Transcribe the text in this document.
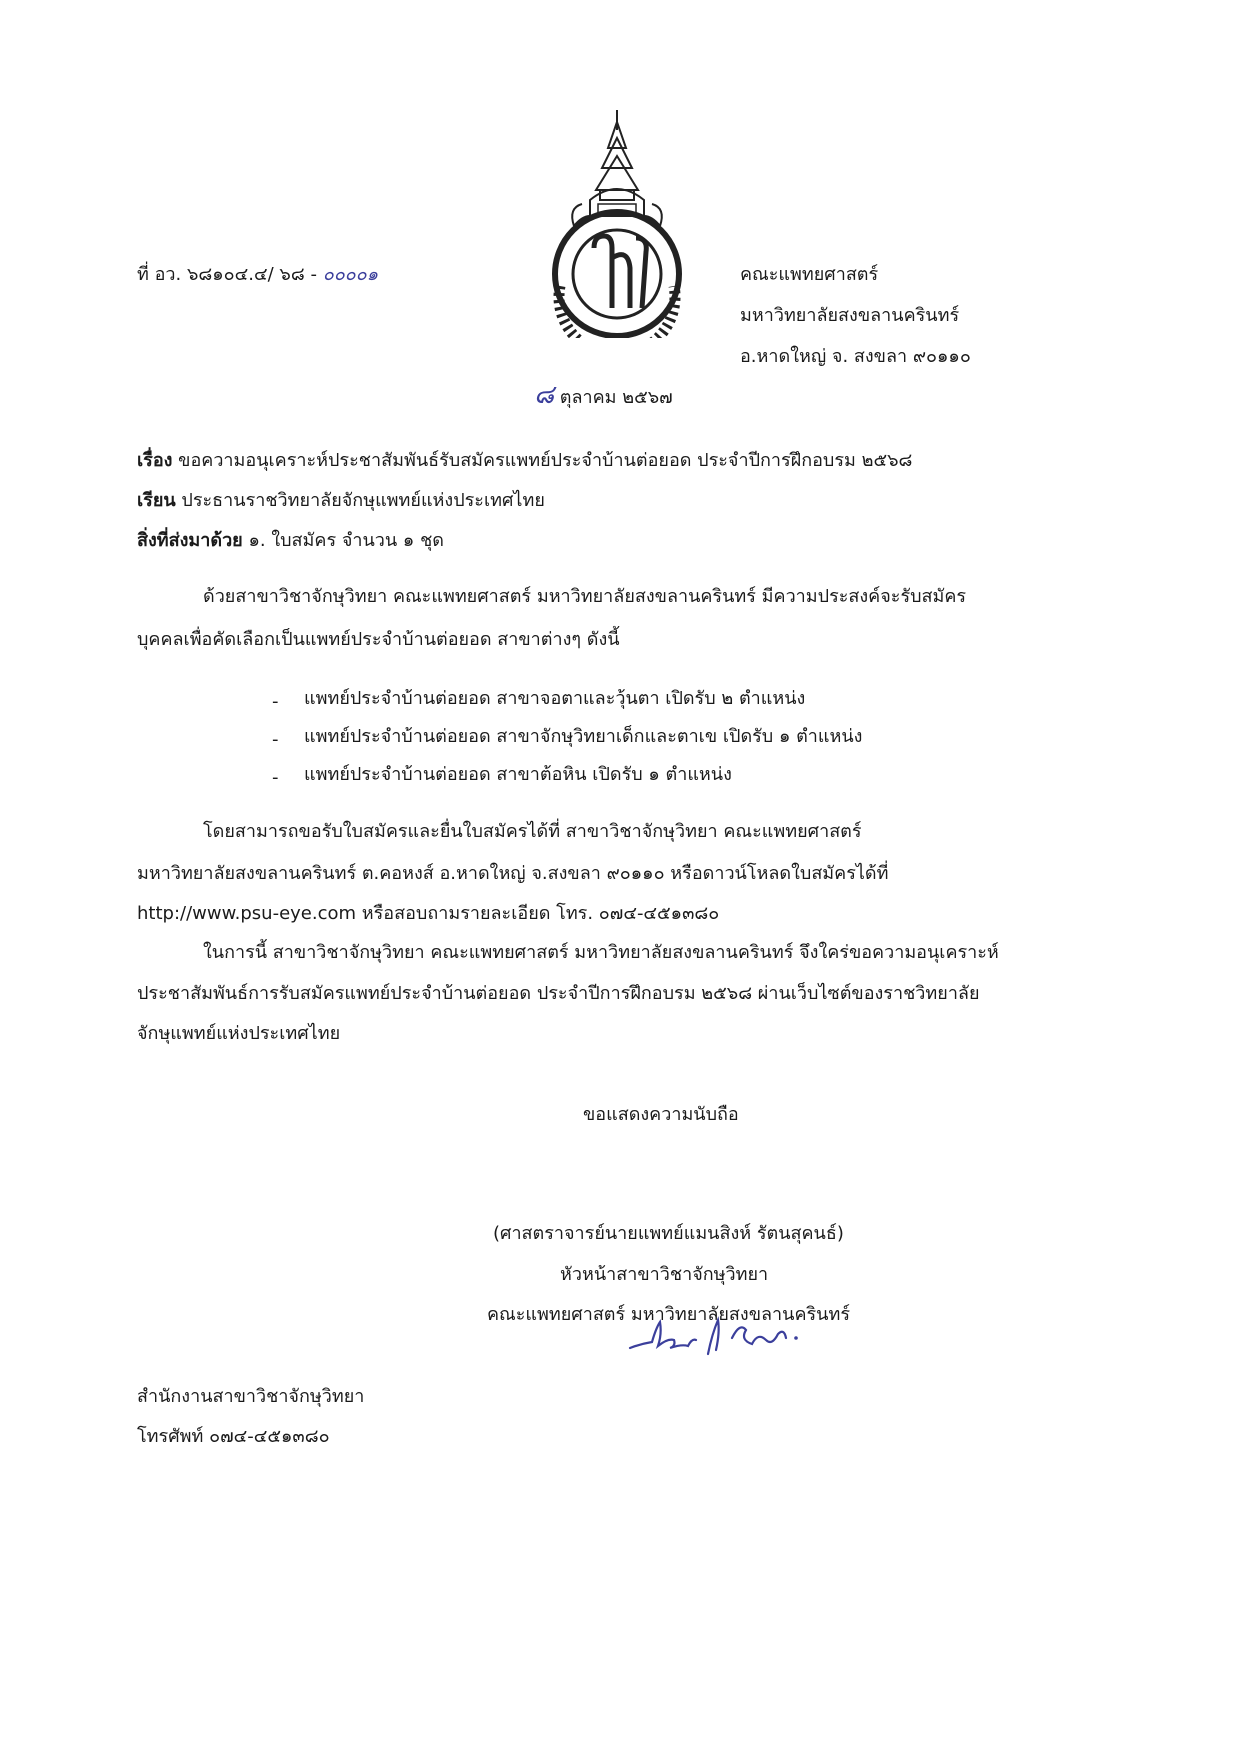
ที่ อว. ๖๘๑๐๔.๔/ ๖๘ - ๐๐๐๐๑	คณะแพทยศาสตร์
มหาวิทยาลัยสงขลานครินทร์
อ.หาดใหญ่ จ. สงขลา ๙๐๑๑๐
๘ ตุลาคม ๒๕๖๗
เรื่อง ขอความอนุเคราะห์ประชาสัมพันธ์รับสมัครแพทย์ประจำบ้านต่อยอด ประจำปีการฝึกอบรม ๒๕๖๘
เรียน ประธานราชวิทยาลัยจักษุแพทย์แห่งประเทศไทย
สิ่งที่ส่งมาด้วย ๑. ใบสมัคร จำนวน ๑ ชุด
ด้วยสาขาวิชาจักษุวิทยา คณะแพทยศาสตร์ มหาวิทยาลัยสงขลานครินทร์ มีความประสงค์จะรับสมัคร
บุคคลเพื่อคัดเลือกเป็นแพทย์ประจำบ้านต่อยอด สาขาต่างๆ ดังนี้
- แพทย์ประจำบ้านต่อยอด สาขาจอตาและวุ้นตา เปิดรับ ๒ ตำแหน่ง
- แพทย์ประจำบ้านต่อยอด สาขาจักษุวิทยาเด็กและตาเข เปิดรับ ๑ ตำแหน่ง
- แพทย์ประจำบ้านต่อยอด สาขาต้อหิน เปิดรับ ๑ ตำแหน่ง
โดยสามารถขอรับใบสมัครและยื่นใบสมัครได้ที่ สาขาวิชาจักษุวิทยา คณะแพทยศาสตร์
มหาวิทยาลัยสงขลานครินทร์ ต.คอหงส์ อ.หาดใหญ่ จ.สงขลา ๙๐๑๑๐ หรือดาวน์โหลดใบสมัครได้ที่
http://www.psu-eye.com หรือสอบถามรายละเอียด โทร. ๐๗๔-๔๕๑๓๘๐
ในการนี้ สาขาวิชาจักษุวิทยา คณะแพทยศาสตร์ มหาวิทยาลัยสงขลานครินทร์ จึงใคร่ขอความอนุเคราะห์
ประชาสัมพันธ์การรับสมัครแพทย์ประจำบ้านต่อยอด ประจำปีการฝึกอบรม ๒๕๖๘ ผ่านเว็บไซต์ของราชวิทยาลัย
จักษุแพทย์แห่งประเทศไทย
ขอแสดงความนับถือ
(ศาสตราจารย์นายแพทย์แมนสิงห์ รัตนสุคนธ์)
หัวหน้าสาขาวิชาจักษุวิทยา
คณะแพทยศาสตร์ มหาวิทยาลัยสงขลานครินทร์
สำนักงานสาขาวิชาจักษุวิทยา
โทรศัพท์ ๐๗๔-๔๕๑๓๘๐
